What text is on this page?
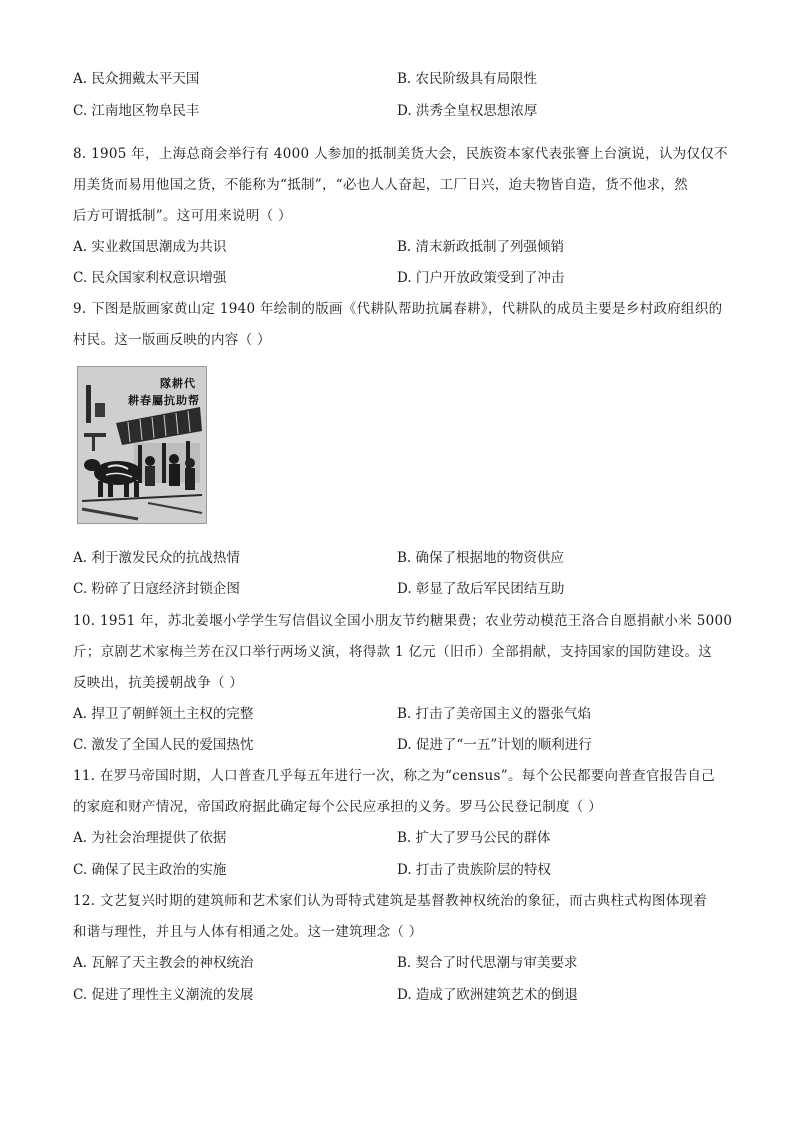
A. 民众拥戴太平天国	B. 农民阶级具有局限性
C. 江南地区物阜民丰	D. 洪秀全皇权思想浓厚
8. 1905 年，上海总商会举行有 4000 人参加的抵制美货大会，民族资本家代表张謇上台演说，认为仅仅不
用美货而易用他国之货，不能称为“抵制”，“必也人人奋起，工厂日兴，迨夫物皆自造，货不他求，然
后方可谓抵制”。这可用来说明（ ）
A. 实业救国思潮成为共识	B. 清末新政抵制了列强倾销
C. 民众国家利权意识增强	D. 门户开放政策受到了冲击
9. 下图是版画家黄山定 1940 年绘制的版画《代耕队帮助抗属春耕》，代耕队的成员主要是乡村政府组织的
村民。这一版画反映的内容（ ）
隊耕代
耕春屬抗助帮
A. 利于激发民众的抗战热情	B. 确保了根据地的物资供应
C. 粉碎了日寇经济封锁企图	D. 彰显了敌后军民团结互助
10. 1951 年，苏北姜堰小学学生写信倡议全国小朋友节约糖果费；农业劳动模范王洛合自愿捐献小米 5000
斤；京剧艺术家梅兰芳在汉口举行两场义演，将得款 1 亿元（旧币）全部捐献，支持国家的国防建设。这
反映出，抗美援朝战争（ ）
A. 捍卫了朝鲜领土主权的完整	B. 打击了美帝国主义的嚣张气焰
C. 激发了全国人民的爱国热忱	D. 促进了“一五”计划的顺利进行
11. 在罗马帝国时期，人口普查几乎每五年进行一次，称之为“census”。每个公民都要向普查官报告自己
的家庭和财产情况，帝国政府据此确定每个公民应承担的义务。罗马公民登记制度（ ）
A. 为社会治理提供了依据	B. 扩大了罗马公民的群体
C. 确保了民主政治的实施	D. 打击了贵族阶层的特权
12. 文艺复兴时期的建筑师和艺术家们认为哥特式建筑是基督教神权统治的象征，而古典柱式构图体现着
和谐与理性，并且与人体有相通之处。这一建筑理念（ ）
A. 瓦解了天主教会的神权统治	B. 契合了时代思潮与审美要求
C. 促进了理性主义潮流的发展	D. 造成了欧洲建筑艺术的倒退
